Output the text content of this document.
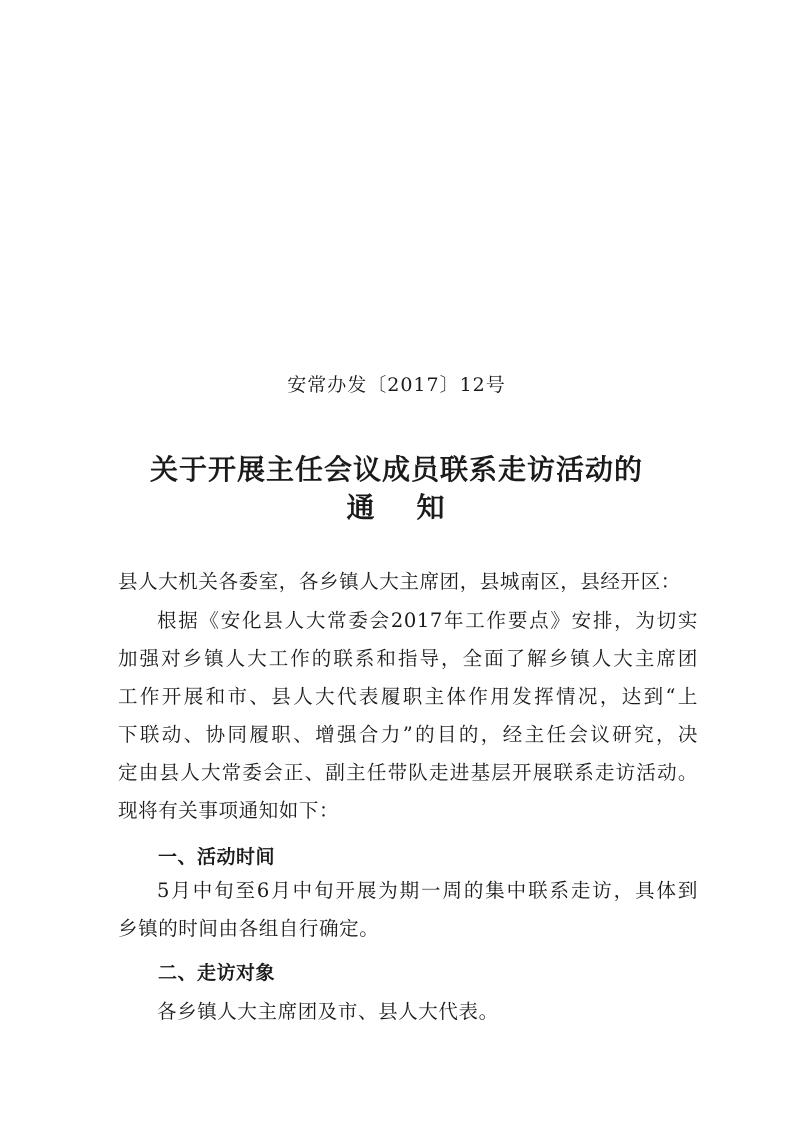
安常办发〔2017〕12号
关于开展主任会议成员联系走访活动的
通 知
县人大机关各委室，各乡镇人大主席团，县城南区，县经开区：
根据《安化县人大常委会2017年工作要点》安排，为切实
加强对乡镇人大工作的联系和指导，全面了解乡镇人大主席团
工作开展和市、县人大代表履职主体作用发挥情况，达到“上
下联动、协同履职、增强合力”的目的，经主任会议研究，决
定由县人大常委会正、副主任带队走进基层开展联系走访活动。
现将有关事项通知如下：
一、活动时间
5月中旬至6月中旬开展为期一周的集中联系走访，具体到
乡镇的时间由各组自行确定。
二、走访对象
各乡镇人大主席团及市、县人大代表。
